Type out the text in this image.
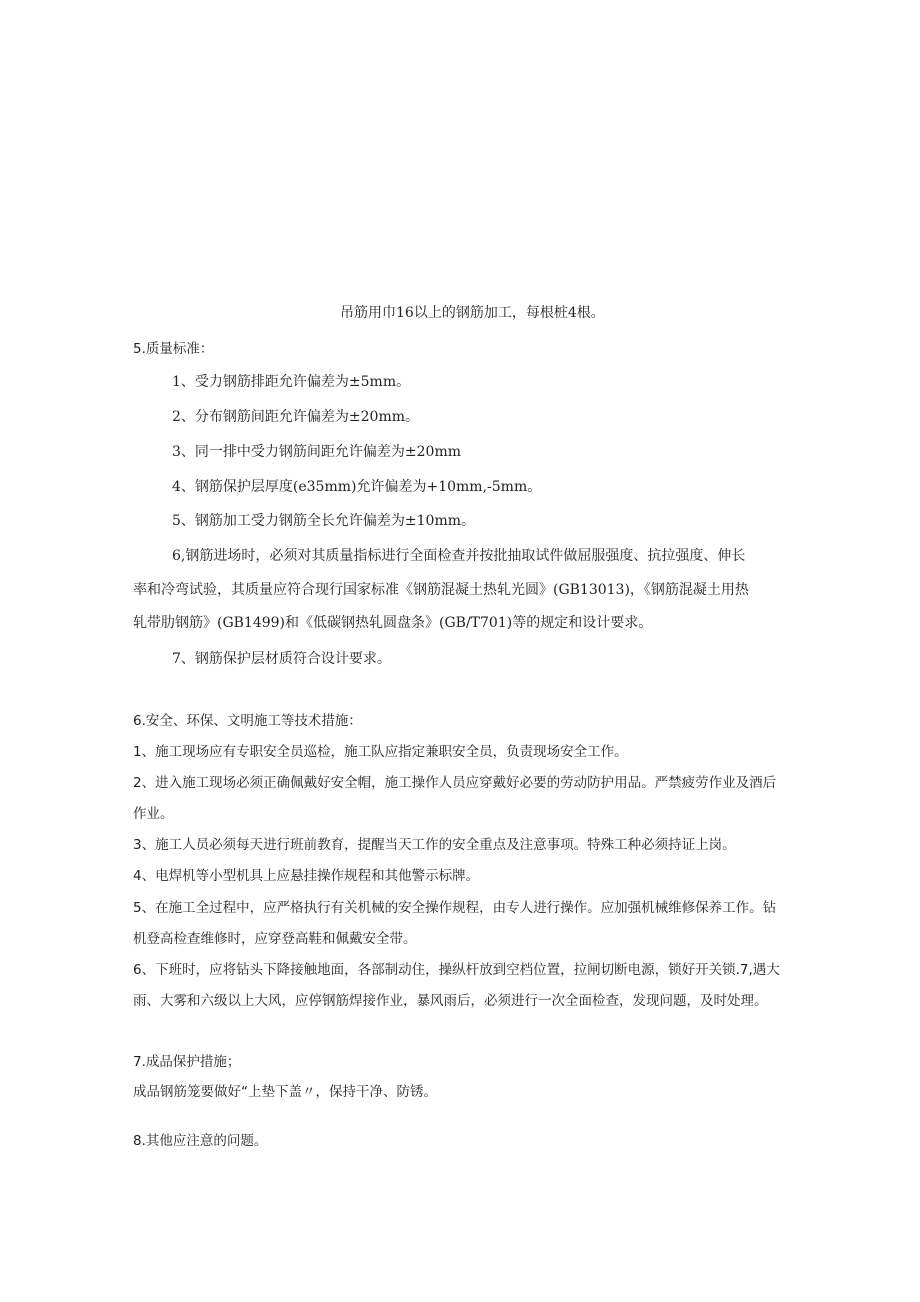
吊筋用巾16以上的钢筋加工，每根桩4根。

5.质量标准：

1、受力钢筋排距允许偏差为±5mm。

2、分布钢筋间距允许偏差为±20mm。

3、同一排中受力钢筋间距允许偏差为±20mm

4、钢筋保护层厚度(e35mm)允许偏差为+10mm,-5mm。

5、钢筋加工受力钢筋全长允许偏差为±10mm。

6,钢筋进场时，必须对其质量指标进行全面检查并按批抽取试件做屈服强度、抗拉强度、伸长

率和冷弯试验，其质量应符合现行国家标准《钢筋混凝土热轧光圆》(GB13013)，《钢筋混凝土用热

轧带肋钢筋》(GB1499)和《低碳钢热轧圆盘条》(GB/T701)等的规定和设计要求。

7、钢筋保护层材质符合设计要求。

6.安全、环保、文明施工等技术措施：

1、施工现场应有专职安全员巡检，施工队应指定兼职安全员，负责现场安全工作。

2、进入施工现场必须正确佩戴好安全帽，施工操作人员应穿戴好必要的劳动防护用品。严禁疲劳作业及酒后

作业。

3、施工人员必须每天进行班前教育，提醒当天工作的安全重点及注意事项。特殊工种必须持证上岗。

4、电焊机等小型机具上应悬挂操作规程和其他警示标牌。

5、在施工全过程中，应严格执行有关机械的安全操作规程，由专人进行操作。应加强机械维修保养工作。钻

机登高检查维修时，应穿登高鞋和佩戴安全带。

6、下班时，应将钻头下降接触地面，各部制动住，操纵杆放到空档位置，拉闸切断电源，锁好开关锁.7,遇大

雨、大雾和六级以上大风，应停钢筋焊接作业，暴风雨后，必须进行一次全面检查，发现问题，及时处理。

7.成品保护措施；

成品钢筋笼要做好“上垫下盖〃，保持干净、防锈。

8.其他应注意的问题。
